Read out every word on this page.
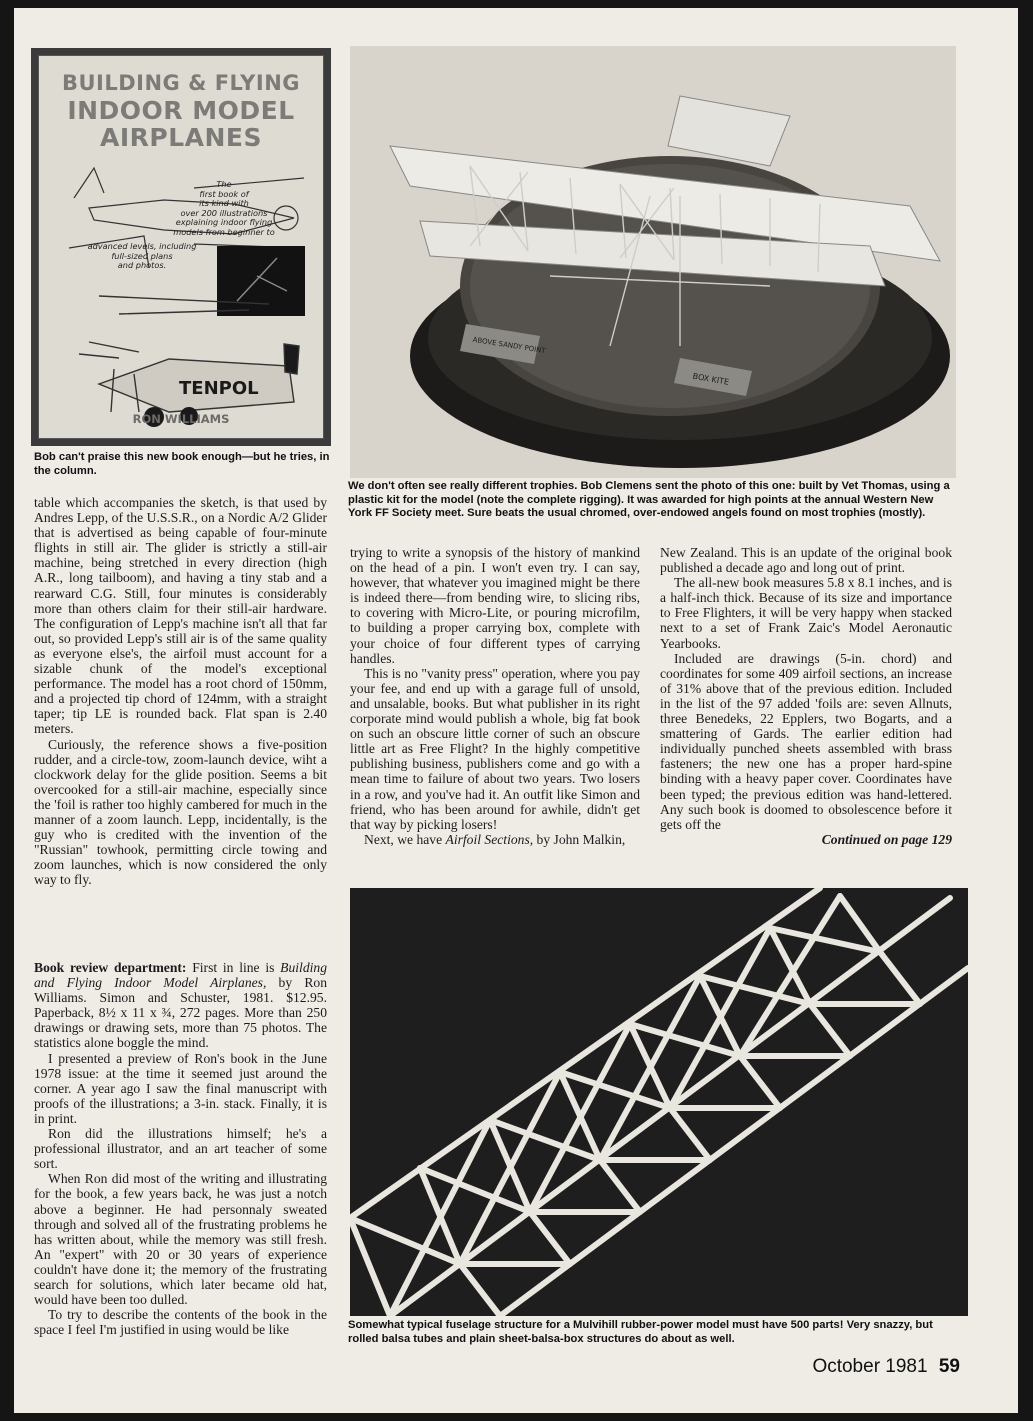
BUILDING & FLYING
INDOOR MODEL
AIRPLANES
The
first book of
its kind with
over 200 illustrations
explaining indoor flying
models from beginner to
advanced levels, including
full-sized plans
and photos.
TENPOL
RON WILLIAMS
Bob can't praise this new book enough—but he tries, in the column.
ABOVE SANDY POINT
BOX KITE
We don't often see really different trophies. Bob Clemens sent the photo of this one: built by Vet Thomas, using a plastic kit for the model (note the complete rigging). It was awarded for high points at the annual Western New York FF Society meet. Sure beats the usual chromed, over-endowed angels found on most trophies (mostly).

table which accompanies the sketch, is that used by Andres Lepp, of the U.S.S.R., on a Nordic A/2 Glider that is advertised as being capable of four-minute flights in still air. The glider is strictly a still-air machine, being stretched in every direction (high A.R., long tailboom), and having a tiny stab and a rearward C.G. Still, four minutes is considerably more than others claim for their still-air hardware. The configuration of Lepp's machine isn't all that far out, so provided Lepp's still air is of the same quality as everyone else's, the airfoil must account for a sizable chunk of the model's exceptional performance. The model has a root chord of 150mm, and a projected tip chord of 124mm, with a straight taper; tip LE is rounded back. Flat span is 2.40 meters.

Curiously, the reference shows a five-position rudder, and a circle-tow, zoom-launch device, wiht a clockwork delay for the glide position. Seems a bit overcooked for a still-air machine, especially since the 'foil is rather too highly cambered for much in the manner of a zoom launch. Lepp, incidentally, is the guy who is credited with the invention of the "Russian" towhook, permitting circle towing and zoom launches, which is now considered the only way to fly.

Book review department: First in line is Building and Flying Indoor Model Airplanes, by Ron Williams. Simon and Schuster, 1981. $12.95. Paperback, 8½ x 11 x ¾, 272 pages. More than 250 drawings or drawing sets, more than 75 photos. The statistics alone boggle the mind.

I presented a preview of Ron's book in the June 1978 issue: at the time it seemed just around the corner. A year ago I saw the final manuscript with proofs of the illustrations; a 3-in. stack. Finally, it is in print.

Ron did the illustrations himself; he's a professional illustrator, and an art teacher of some sort.

When Ron did most of the writing and illustrating for the book, a few years back, he was just a notch above a beginner. He had personnaly sweated through and solved all of the frustrating problems he has written about, while the memory was still fresh. An "expert" with 20 or 30 years of experience couldn't have done it; the memory of the frustrating search for solutions, which later became old hat, would have been too dulled.

To try to describe the contents of the book in the space I feel I'm justified in using would be like

trying to write a synopsis of the history of mankind on the head of a pin. I won't even try. I can say, however, that whatever you imagined might be there is indeed there—from bending wire, to slicing ribs, to covering with Micro-Lite, or pouring microfilm, to building a proper carrying box, complete with your choice of four different types of carrying handles.

This is no "vanity press" operation, where you pay your fee, and end up with a garage full of unsold, and unsalable, books. But what publisher in its right corporate mind would publish a whole, big fat book on such an obscure little corner of such an obscure little art as Free Flight? In the highly competitive publishing business, publishers come and go with a mean time to failure of about two years. Two losers in a row, and you've had it. An outfit like Simon and friend, who has been around for awhile, didn't get that way by picking losers!

Next, we have Airfoil Sections, by John Malkin,

New Zealand. This is an update of the original book published a decade ago and long out of print.

The all-new book measures 5.8 x 8.1 inches, and is a half-inch thick. Because of its size and importance to Free Flighters, it will be very happy when stacked next to a set of Frank Zaic's Model Aeronautic Yearbooks.

Included are drawings (5-in. chord) and coordinates for some 409 airfoil sections, an increase of 31% above that of the previous edition. Included in the list of the 97 added 'foils are: seven Allnuts, three Benedeks, 22 Epplers, two Bogarts, and a smattering of Gards. The earlier edition had individually punched sheets assembled with brass fasteners; the new one has a proper hard-spine binding with a heavy paper cover. Coordinates have been typed; the previous edition was hand-lettered. Any such book is doomed to obsolescence before it gets off the

Continued on page 129
Somewhat typical fuselage structure for a Mulvihill rubber-power model must have 500 parts! Very snazzy, but rolled balsa tubes and plain sheet-balsa-box structures do about as well.
October 1981 59
